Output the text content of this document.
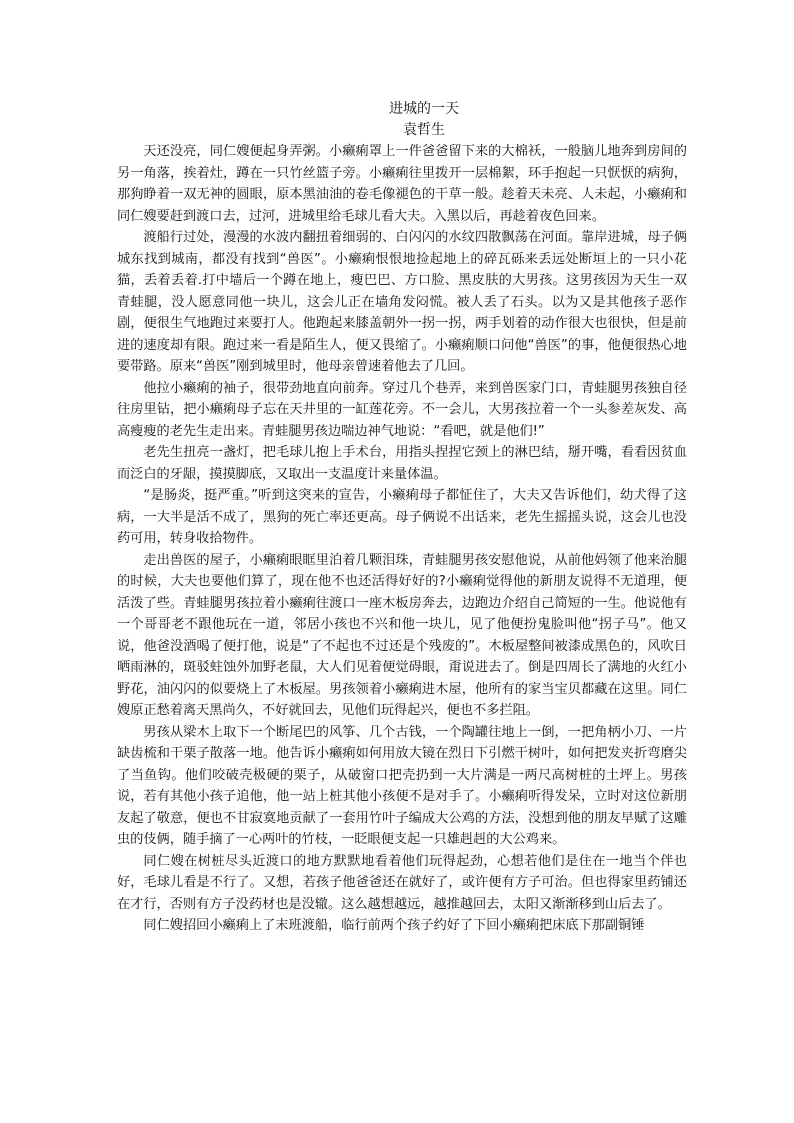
进城的一天

袁哲生

天还没亮，同仁嫂便起身弄粥。小癞痢罩上一件爸爸留下来的大棉袄，一般脑儿地奔到房间的另一角落，挨着灶，蹲在一只竹丝篮子旁。小癞痢往里拨开一层棉絮，环手抱起一只恹恹的病狗，那狗睁着一双无神的圆眼，原本黑油油的卷毛像褪色的干草一般。趁着天未亮、人未起，小癞痢和同仁嫂要赶到渡口去，过河，进城里给毛球儿看大夫。入黑以后，再趁着夜色回来。

渡船行过处，漫漫的水波内翻扭着细弱的、白闪闪的水纹四散飘荡在河面。靠岸进城，母子俩城东找到城南，都没有找到“兽医”。小癞痢恨恨地捡起地上的碎瓦砾来丢远处断垣上的一只小花猫，丢着丢着.打中墙后一个蹲在地上，瘦巴巴、方口脸、黑皮肤的大男孩。这男孩因为天生一双青蛙腿，没人愿意同他一块儿，这会儿正在墙角发闷慌。被人丢了石头。以为又是其他孩子恶作剧，便很生气地跑过来要打人。他跑起来膝盖朝外一拐一拐，两手划着的动作很大也很快，但是前进的速度却有限。跑过来一看是陌生人，便又畏缩了。小癞痢顺口问他“兽医”的事，他便很热心地要带路。原来“兽医”刚到城里时，他母亲曾速着他去了几回。

他拉小癞痢的袖子，很带劲地直向前奔。穿过几个巷弄，来到兽医家门口，青蛙腿男孩独自径往房里钻，把小癞痢母子忘在天井里的一缸莲花旁。不一会儿，大男孩拉着一个一头参差灰发、高高瘦瘦的老先生走出来。青蛙腿男孩边喘边神气地说：“看吧，就是他们!”

老先生扭亮一盏灯，把毛球儿抱上手术台，用指头捏捏它颈上的淋巴结，掰开嘴，看看因贫血而泛白的牙龈，摸摸脚底，又取出一支温度计来量体温。

“是肠炎，挺严重。”听到这突来的宣告，小癞痢母子都怔住了，大夫又告诉他们，幼犬得了这病，一大半是活不成了，黑狗的死亡率还更高。母子俩说不出话来，老先生摇摇头说，这会儿也没药可用，转身收拾物件。

走出兽医的屋子，小癞痢眼眶里泊着几颗泪珠，青蛙腿男孩安慰他说，从前他妈领了他来治腿的时候，大夫也要他们算了，现在他不也还活得好好的?小癞痢觉得他的新朋友说得不无道理，便活泼了些。青蛙腿男孩拉着小癞痢往渡口一座木板房奔去，边跑边介绍自己简短的一生。他说他有一个哥哥老不跟他玩在一道，邻居小孩也不兴和他一块儿，见了他便扮鬼脸叫他“拐子马”。他又说，他爸没酒喝了便打他，说是“了不起也不过还是个残废的”。木板屋整间被漆成黑色的，风吹日晒雨淋的，斑驳蛀蚀外加野老鼠，大人们见着便觉碍眼，甭说进去了。倒是四周长了满地的火红小野花，油闪闪的似要烧上了木板屋。男孩领着小癞痢进木屋，他所有的家当宝贝都藏在这里。同仁嫂原正愁着离天黑尚久，不好就回去，见他们玩得起兴，便也不多拦阻。

男孩从梁木上取下一个断尾巴的风筝、几个古钱，一个陶罐往地上一倒，一把角柄小刀、一片缺齿梳和干栗子散落一地。他告诉小癞痢如何用放大镜在烈日下引燃干树叶，如何把发夹折弯磨尖了当鱼钩。他们咬破壳极硬的栗子，从破窗口把壳扔到一大片满是一两尺高树桩的土坪上。男孩说，若有其他小孩子追他，他一站上桩其他小孩便不是对手了。小癞痢听得发呆，立时对这位新朋友起了敬意，便也不甘寂寞地贡献了一套用竹叶子编成大公鸡的方法，没想到他的朋友早赋了这雕虫的伎俩，随手摘了一心两叶的竹枝，一眨眼便支起一只雄赳赳的大公鸡来。

同仁嫂在树桩尽头近渡口的地方默默地看着他们玩得起劲，心想若他们是住在一地当个伴也好，毛球儿看是不行了。又想，若孩子他爸爸还在就好了，或许便有方子可治。但也得家里药铺还在才行，否则有方子没药材也是没辙。这么越想越远，越推越回去，太阳又渐渐移到山后去了。

同仁嫂招回小癞痢上了末班渡船，临行前两个孩子约好了下回小癞痢把床底下那副铜锤
